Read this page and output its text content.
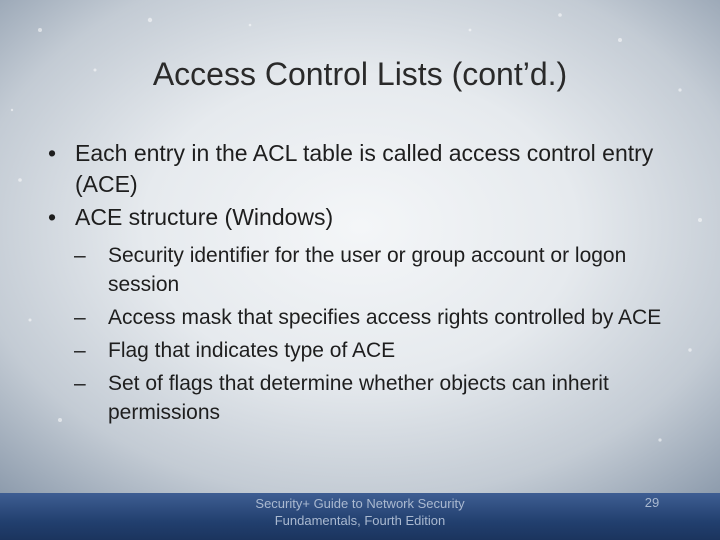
Access Control Lists (cont’d.)
• Each entry in the ACL table is called access control entry (ACE)
• ACE structure (Windows)
– Security identifier for the user or group account or logon session
– Access mask that specifies access rights controlled by ACE
– Flag that indicates type of ACE
– Set of flags that determine whether objects can inherit permissions
Security+ Guide to Network Security Fundamentals, Fourth Edition
29
